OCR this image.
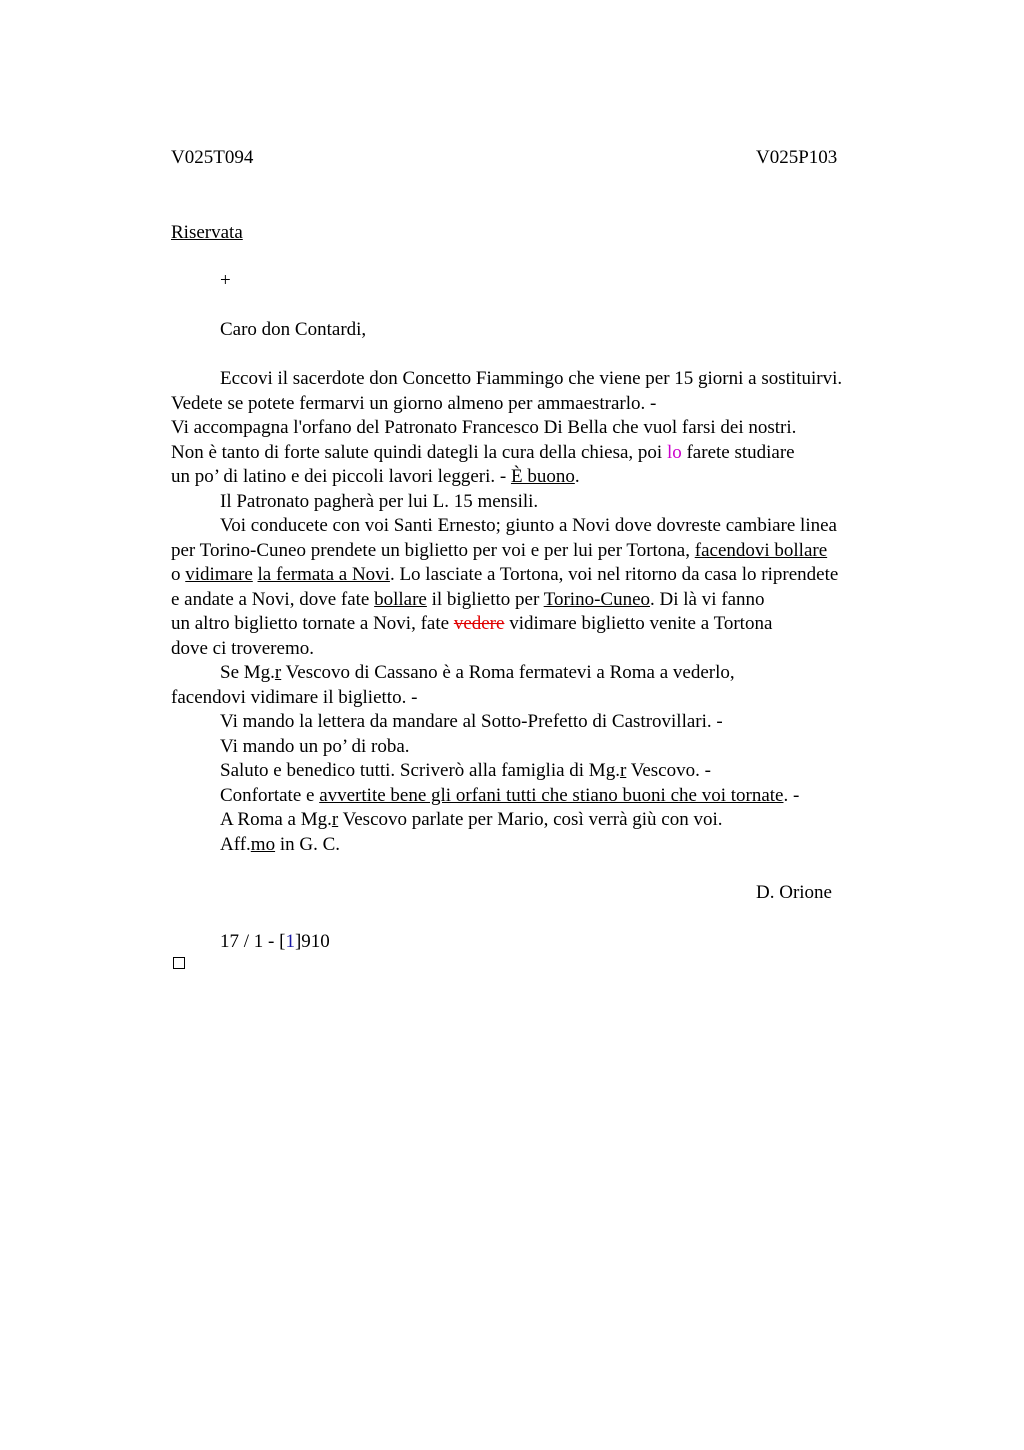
V025T094	V025P103
Riservata
+
Caro don Contardi,
Eccovi il sacerdote don Concetto Fiammingo che viene per 15 giorni a sostituirvi.
Vedete se potete fermarvi un giorno almeno per ammaestrarlo. -
Vi accompagna l'orfano del Patronato Francesco Di Bella che vuol farsi dei nostri.
Non è tanto di forte salute quindi dategli la cura della chiesa, poi lo farete studiare
un po’ di latino e dei piccoli lavori leggeri. - È buono.
Il Patronato pagherà per lui L. 15 mensili.
Voi conducete con voi Santi Ernesto; giunto a Novi dove dovreste cambiare linea
per Torino-Cuneo prendete un biglietto per voi e per lui per Tortona, facendovi bollare
o vidimare la fermata a Novi. Lo lasciate a Tortona, voi nel ritorno da casa lo riprendete
e andate a Novi, dove fate bollare il biglietto per Torino-Cuneo. Di là vi fanno
un altro biglietto tornate a Novi, fate vedere vidimare biglietto venite a Tortona
dove ci troveremo.
Se Mg.r Vescovo di Cassano è a Roma fermatevi a Roma a vederlo,
facendovi vidimare il biglietto. -
Vi mando la lettera da mandare al Sotto-Prefetto di Castrovillari. -
Vi mando un po’ di roba.
Saluto e benedico tutti. Scriverò alla famiglia di Mg.r Vescovo. -
Confortate e avvertite bene gli orfani tutti che stiano buoni che voi tornate. -
A Roma a Mg.r Vescovo parlate per Mario, così verrà giù con voi.
Aff.mo in G. C.
D. Orione
17 / 1 - [1]910
